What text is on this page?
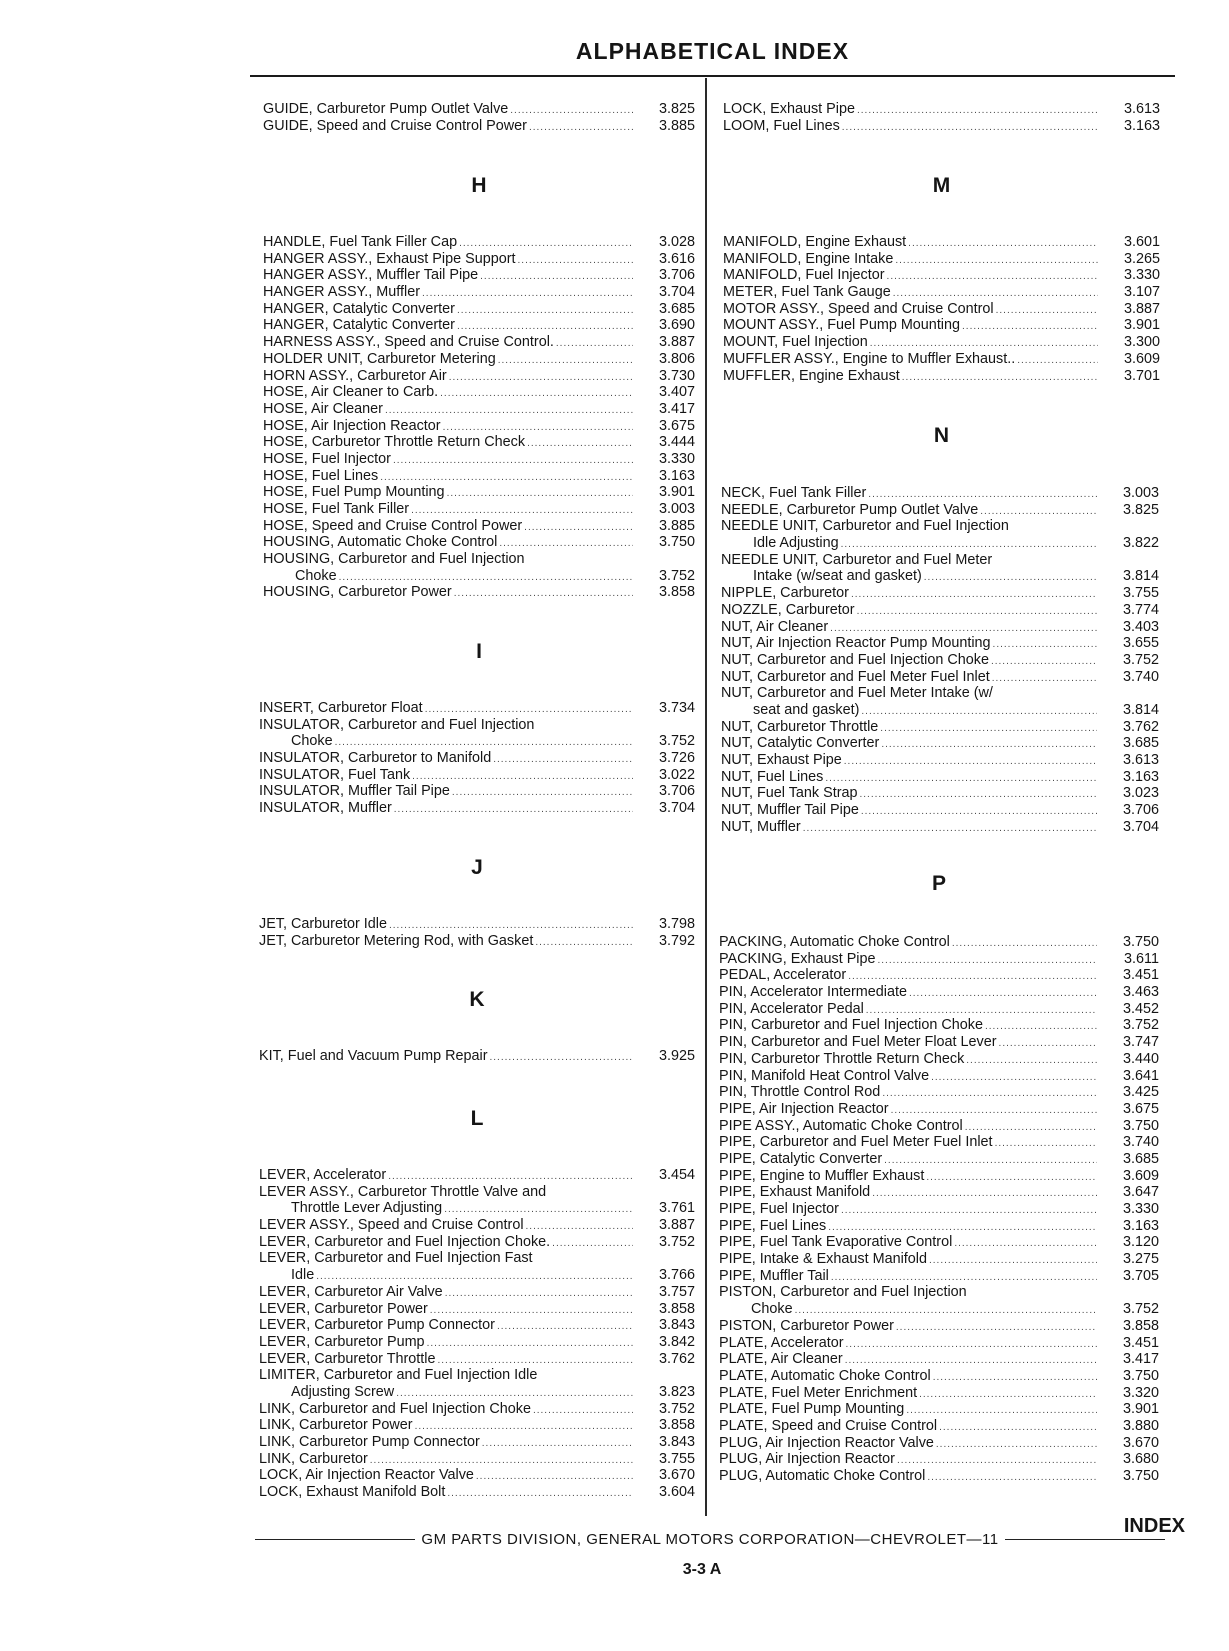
ALPHABETICAL INDEX
GUIDE, Carburetor Pump Outlet Valve .....	3.825
GUIDE, Speed and Cruise Control Power .....	3.885
H
HANDLE, Fuel Tank Filler Cap .....	3.028
HANGER ASSY., Exhaust Pipe Support .....	3.616
HANGER ASSY., Muffler Tail Pipe .....	3.706
HANGER ASSY., Muffler .....	3.704
HANGER, Catalytic Converter .....	3.685
HANGER, Catalytic Converter .....	3.690
HARNESS ASSY., Speed and Cruise Control. .....	3.887
HOLDER UNIT, Carburetor Metering .....	3.806
HORN ASSY., Carburetor Air .....	3.730
HOSE, Air Cleaner to Carb. .....	3.407
HOSE, Air Cleaner .....	3.417
HOSE, Air Injection Reactor .....	3.675
HOSE, Carburetor Throttle Return Check .....	3.444
HOSE, Fuel Injector .....	3.330
HOSE, Fuel Lines .....	3.163
HOSE, Fuel Pump Mounting .....	3.901
HOSE, Fuel Tank Filler .....	3.003
HOSE, Speed and Cruise Control Power .....	3.885
HOUSING, Automatic Choke Control .....	3.750
HOUSING, Carburetor and Fuel Injection
Choke .....	3.752
HOUSING, Carburetor Power .....	3.858
I
INSERT, Carburetor Float .....	3.734
INSULATOR, Carburetor and Fuel Injection
Choke .....	3.752
INSULATOR, Carburetor to Manifold .....	3.726
INSULATOR, Fuel Tank .....	3.022
INSULATOR, Muffler Tail Pipe .....	3.706
INSULATOR, Muffler .....	3.704
J
JET, Carburetor Idle .....	3.798
JET, Carburetor Metering Rod, with Gasket .....	3.792
K
KIT, Fuel and Vacuum Pump Repair .....	3.925
L
LEVER, Accelerator .....	3.454
LEVER ASSY., Carburetor Throttle Valve and
Throttle Lever Adjusting .....	3.761
LEVER ASSY., Speed and Cruise Control .....	3.887
LEVER, Carburetor and Fuel Injection Choke. .....	3.752
LEVER, Carburetor and Fuel Injection Fast
Idle .....	3.766
LEVER, Carburetor Air Valve .....	3.757
LEVER, Carburetor Power .....	3.858
LEVER, Carburetor Pump Connector .....	3.843
LEVER, Carburetor Pump .....	3.842
LEVER, Carburetor Throttle .....	3.762
LIMITER, Carburetor and Fuel Injection Idle
Adjusting Screw .....	3.823
LINK, Carburetor and Fuel Injection Choke .....	3.752
LINK, Carburetor Power .....	3.858
LINK, Carburetor Pump Connector .....	3.843
LINK, Carburetor .....	3.755
LOCK, Air Injection Reactor Valve .....	3.670
LOCK, Exhaust Manifold Bolt .....	3.604
LOCK, Exhaust Pipe .....	3.613
LOOM, Fuel Lines .....	3.163
M
MANIFOLD, Engine Exhaust .....	3.601
MANIFOLD, Engine Intake .....	3.265
MANIFOLD, Fuel Injector .....	3.330
METER, Fuel Tank Gauge .....	3.107
MOTOR ASSY., Speed and Cruise Control .....	3.887
MOUNT ASSY., Fuel Pump Mounting .....	3.901
MOUNT, Fuel Injection .....	3.300
MUFFLER ASSY., Engine to Muffler Exhaust.. .....	3.609
MUFFLER, Engine Exhaust .....	3.701
N
NECK, Fuel Tank Filler .....	3.003
NEEDLE, Carburetor Pump Outlet Valve .....	3.825
NEEDLE UNIT, Carburetor and Fuel Injection
Idle Adjusting .....	3.822
NEEDLE UNIT, Carburetor and Fuel Meter
Intake (w/seat and gasket) .....	3.814
NIPPLE, Carburetor .....	3.755
NOZZLE, Carburetor .....	3.774
NUT, Air Cleaner .....	3.403
NUT, Air Injection Reactor Pump Mounting .....	3.655
NUT, Carburetor and Fuel Injection Choke .....	3.752
NUT, Carburetor and Fuel Meter Fuel Inlet .....	3.740
NUT, Carburetor and Fuel Meter Intake (w/
seat and gasket) .....	3.814
NUT, Carburetor Throttle .....	3.762
NUT, Catalytic Converter .....	3.685
NUT, Exhaust Pipe .....	3.613
NUT, Fuel Lines .....	3.163
NUT, Fuel Tank Strap .....	3.023
NUT, Muffler Tail Pipe .....	3.706
NUT, Muffler .....	3.704
P
PACKING, Automatic Choke Control .....	3.750
PACKING, Exhaust Pipe .....	3.611
PEDAL, Accelerator .....	3.451
PIN, Accelerator Intermediate .....	3.463
PIN, Accelerator Pedal .....	3.452
PIN, Carburetor and Fuel Injection Choke .....	3.752
PIN, Carburetor and Fuel Meter Float Lever .....	3.747
PIN, Carburetor Throttle Return Check .....	3.440
PIN, Manifold Heat Control Valve .....	3.641
PIN, Throttle Control Rod .....	3.425
PIPE, Air Injection Reactor .....	3.675
PIPE ASSY., Automatic Choke Control .....	3.750
PIPE, Carburetor and Fuel Meter Fuel Inlet .....	3.740
PIPE, Catalytic Converter .....	3.685
PIPE, Engine to Muffler Exhaust .....	3.609
PIPE, Exhaust Manifold .....	3.647
PIPE, Fuel Injector .....	3.330
PIPE, Fuel Lines .....	3.163
PIPE, Fuel Tank Evaporative Control .....	3.120
PIPE, Intake & Exhaust Manifold .....	3.275
PIPE, Muffler Tail .....	3.705
PISTON, Carburetor and Fuel Injection
Choke .....	3.752
PISTON, Carburetor Power .....	3.858
PLATE, Accelerator .....	3.451
PLATE, Air Cleaner .....	3.417
PLATE, Automatic Choke Control .....	3.750
PLATE, Fuel Meter Enrichment .....	3.320
PLATE, Fuel Pump Mounting .....	3.901
PLATE, Speed and Cruise Control .....	3.880
PLUG, Air Injection Reactor Valve .....	3.670
PLUG, Air Injection Reactor .....	3.680
PLUG, Automatic Choke Control .....	3.750
GM PARTS DIVISION, GENERAL MOTORS CORPORATION—CHEVROLET—11
3-3 A
INDEX
